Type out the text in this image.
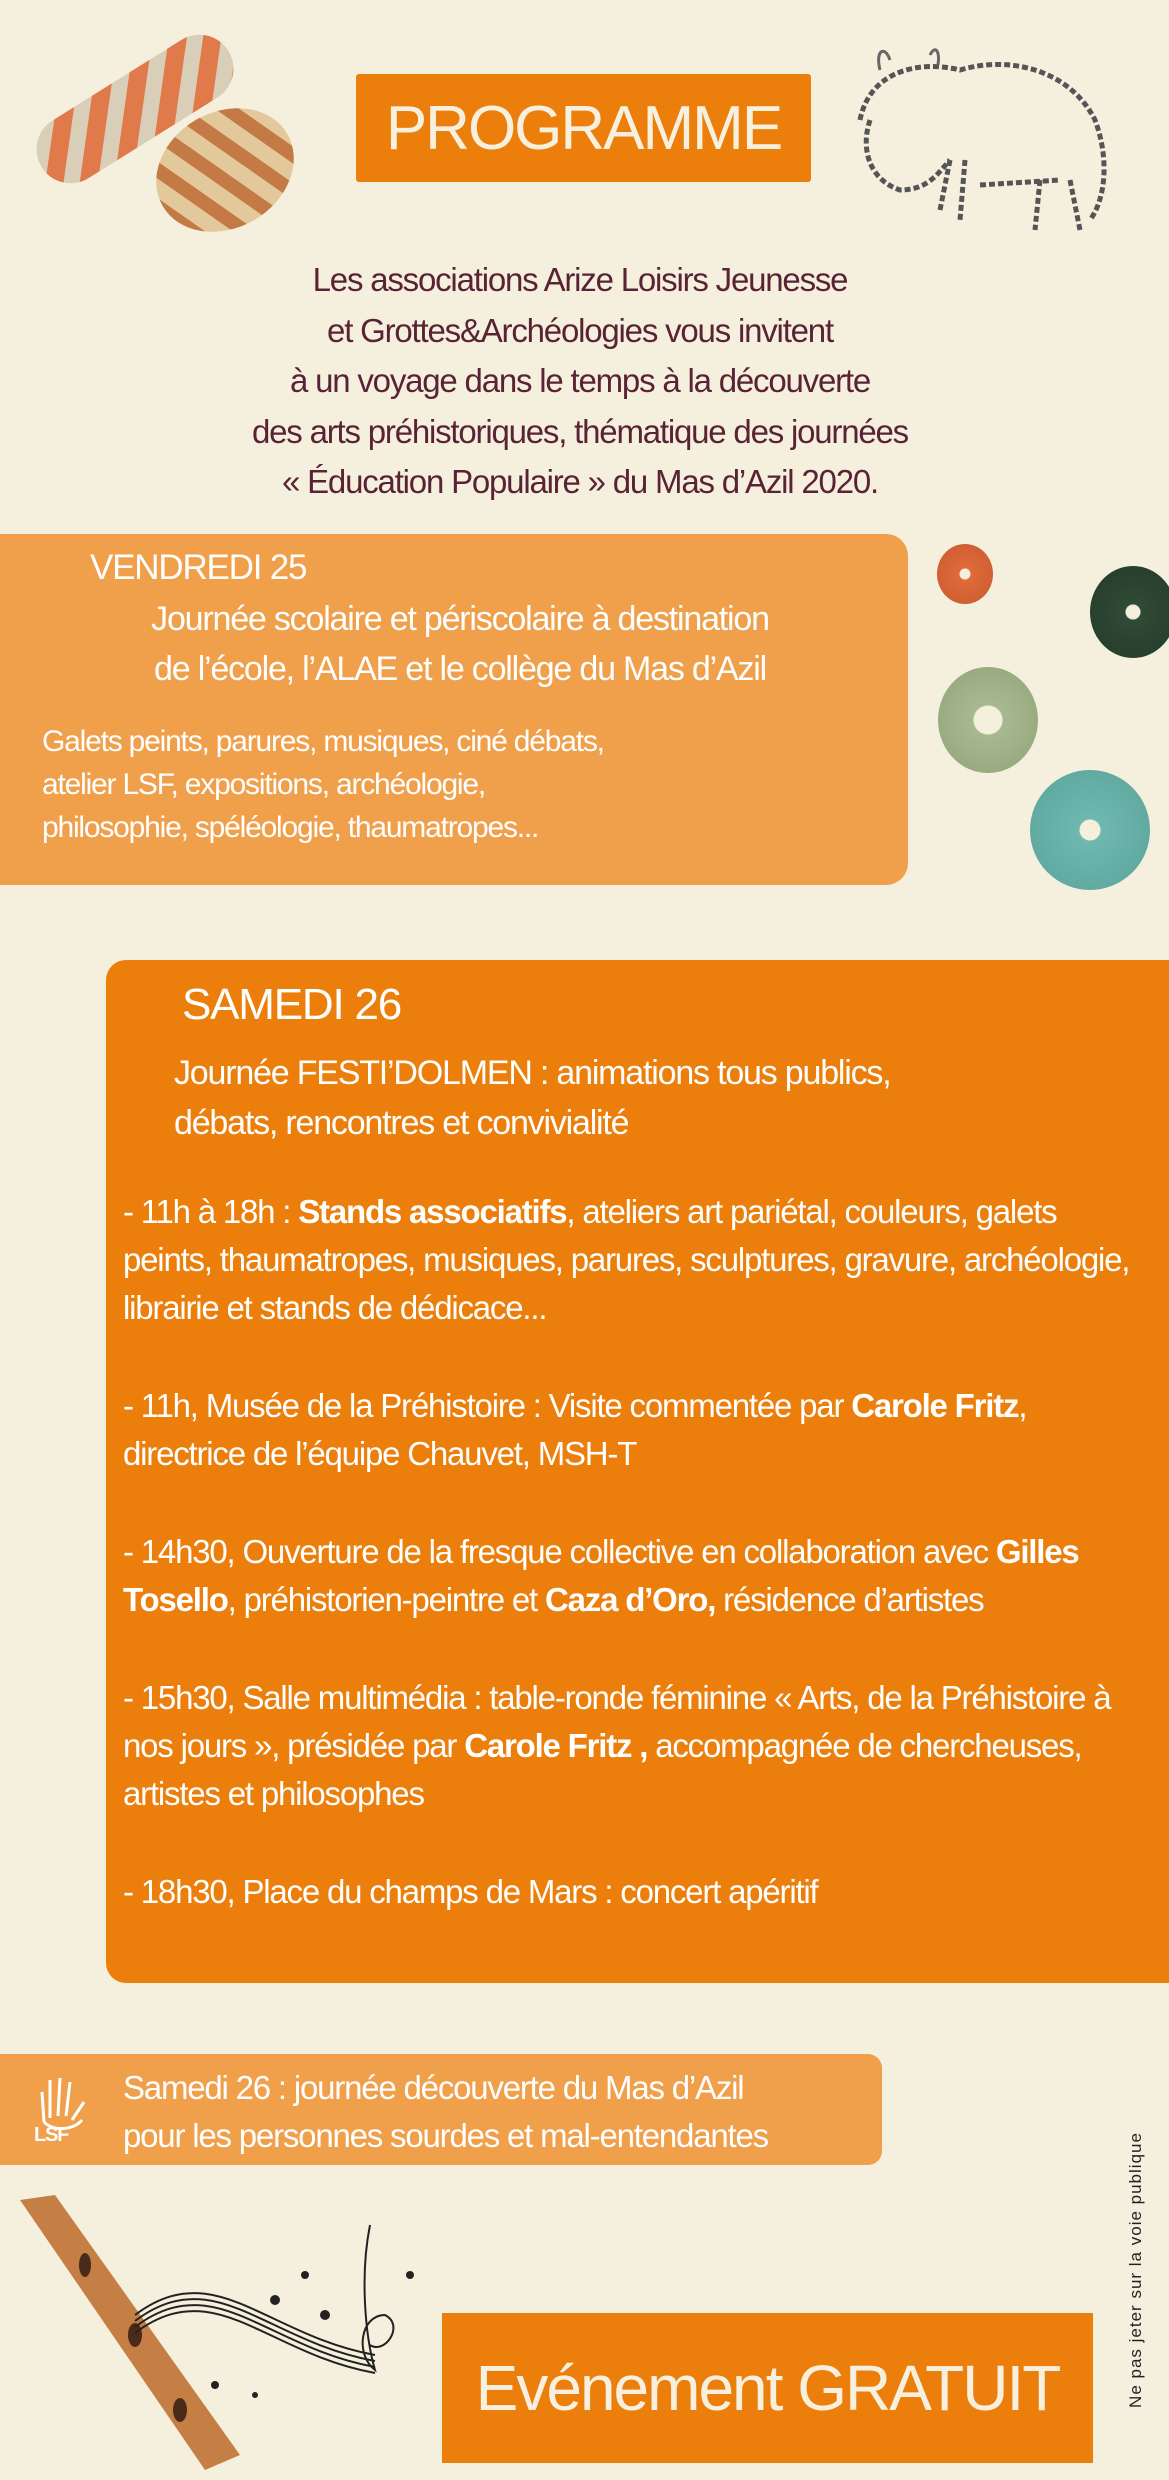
PROGRAMME
Les associations Arize Loisirs Jeunesse
et Grottes&Archéologies vous invitent
à un voyage dans le temps à la découverte
des arts préhistoriques, thématique des journées
« Éducation Populaire » du Mas d’Azil 2020.
VENDREDI 25
Journée scolaire et périscolaire à destination
de l’école, l’ALAE et le collège du Mas d’Azil
Galets peints, parures, musiques, ciné débats,
atelier LSF, expositions, archéologie,
philosophie, spéléologie, thaumatropes...
SAMEDI 26
Journée FESTI’DOLMEN : animations tous publics,
débats, rencontres et convivialité

- 11h à 18h : Stands associatifs, ateliers art pariétal, couleurs, galets peints, thaumatropes, musiques, parures, sculptures, gravure, archéologie, librairie et stands de dédicace...

- 11h, Musée de la Préhistoire : Visite commentée par Carole Fritz, directrice de l’équipe Chauvet, MSH-T

- 14h30, Ouverture de la fresque collective en collaboration avec Gilles Tosello, préhistorien-peintre et Caza d’Oro, résidence d’artistes

- 15h30, Salle multimédia : table-ronde féminine « Arts, de la Préhistoire à nos jours », présidée par Carole Fritz , accompagnée de chercheuses, artistes et philosophes

- 18h30, Place du champs de Mars : concert apéritif

LSF
Samedi 26 : journée découverte du Mas d’Azil
pour les personnes sourdes et mal-entendantes
Evénement GRATUIT	Ne pas jeter sur la voie publique
